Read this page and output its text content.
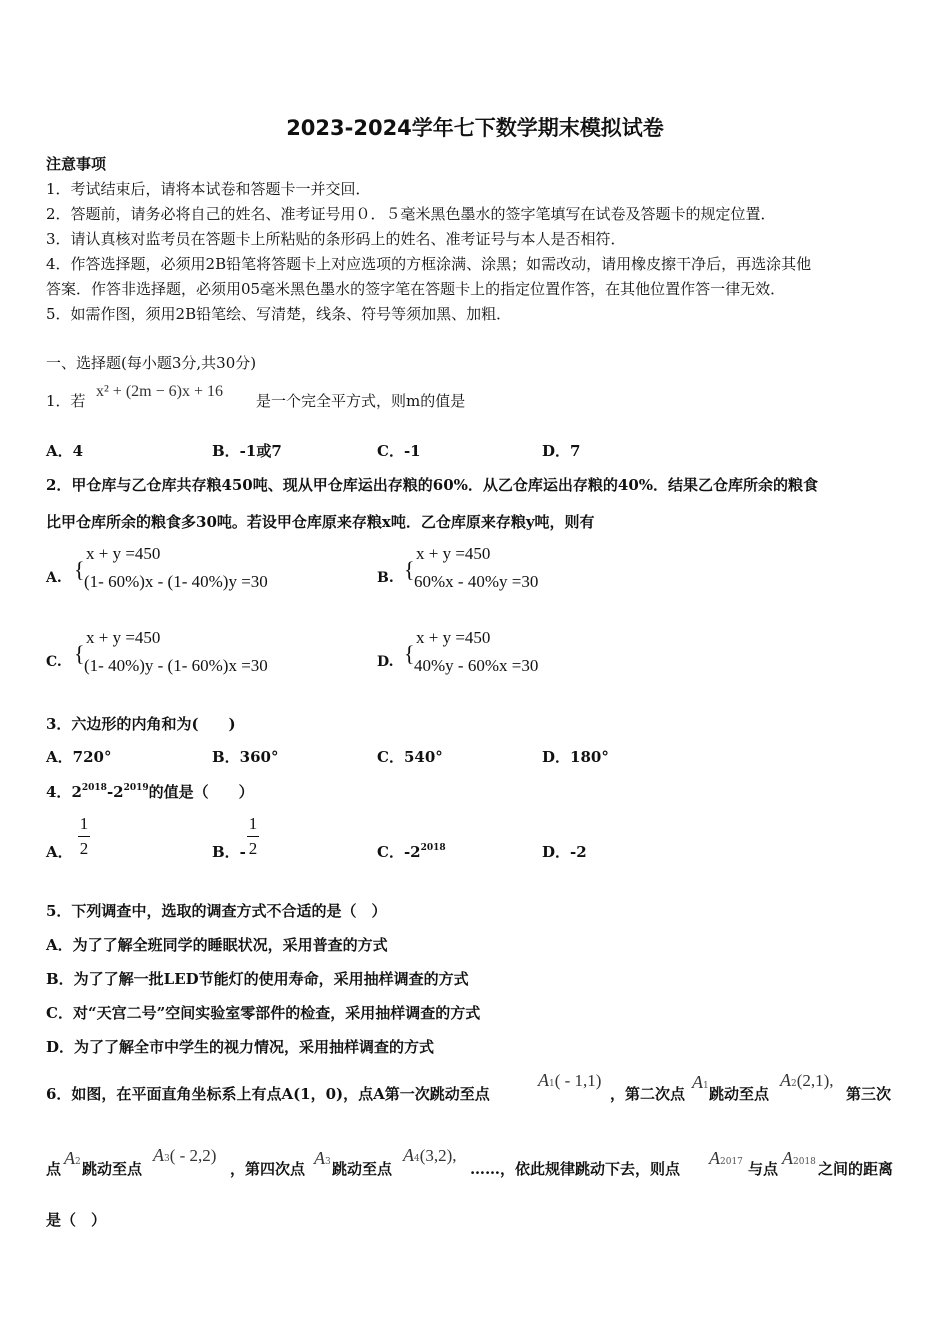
2023-2024学年七下数学期末模拟试卷
注意事项
1．考试结束后，请将本试卷和答题卡一并交回．
2．答题前，请务必将自己的姓名、准考证号用０．５毫米黑色墨水的签字笔填写在试卷及答题卡的规定位置．
3．请认真核对监考员在答题卡上所粘贴的条形码上的姓名、准考证号与本人是否相符．
4．作答选择题，必须用2B铅笔将答题卡上对应选项的方框涂满、涂黑；如需改动，请用橡皮擦干净后，再选涂其他
答案．作答非选择题，必须用05毫米黑色墨水的签字笔在答题卡上的指定位置作答，在其他位置作答一律无效．
5．如需作图，须用2B铅笔绘、写清楚，线条、符号等须加黑、加粗．
一、选择题(每小题3分,共30分)
1．若
x² + (2m − 6)x + 16
是一个完全平方式，则m的值是
A．4	B．-1或7	C．-1	D．7
2．甲仓库与乙仓库共存粮450吨、现从甲仓库运出存粮的60%．从乙仓库运出存粮的40%．结果乙仓库所余的粮食
比甲仓库所余的粮食多30吨。若设甲仓库原来存粮x吨．乙仓库原来存粮y吨，则有
A. {
x + y =450
(1- 60%)x - (1- 40%)y =30	B. {
x + y =450
60%x - 40%y =30
C. {
x + y =450
(1- 40%)y - (1- 60%)x =30	D. {
x + y =450
40%y - 60%x =30
3．六边形的内角和为(　　)
A．720°	B．360°	C．540°	D．180°
4．$2^{2018}-2^{2019}$的值是（　　）
A．
1
2	B．-
1
2	C．$-2^{2018}$	D．-2
5．下列调查中，选取的调查方式不合适的是（　）
A．为了了解全班同学的睡眠状况，采用普查的方式
B．为了了解一批LED节能灯的使用寿命，采用抽样调查的方式
C．对“天宫二号”空间实验室零部件的检查，采用抽样调查的方式
D．为了了解全市中学生的视力情况，采用抽样调查的方式
6．如图，在平面直角坐标系上有点A(1，0)，点A第一次跳动至点
A1( - 1,1)
，第二次点
A1 跳动至点
A2(2,1),
第三次
点
A2 跳动至点
A3( - 2,2)
，第四次点
A3 跳动至点
A4(3,2),
……，依此规律跳动下去，则点
A2017 与点
A2018 之间的距离
是（　）
